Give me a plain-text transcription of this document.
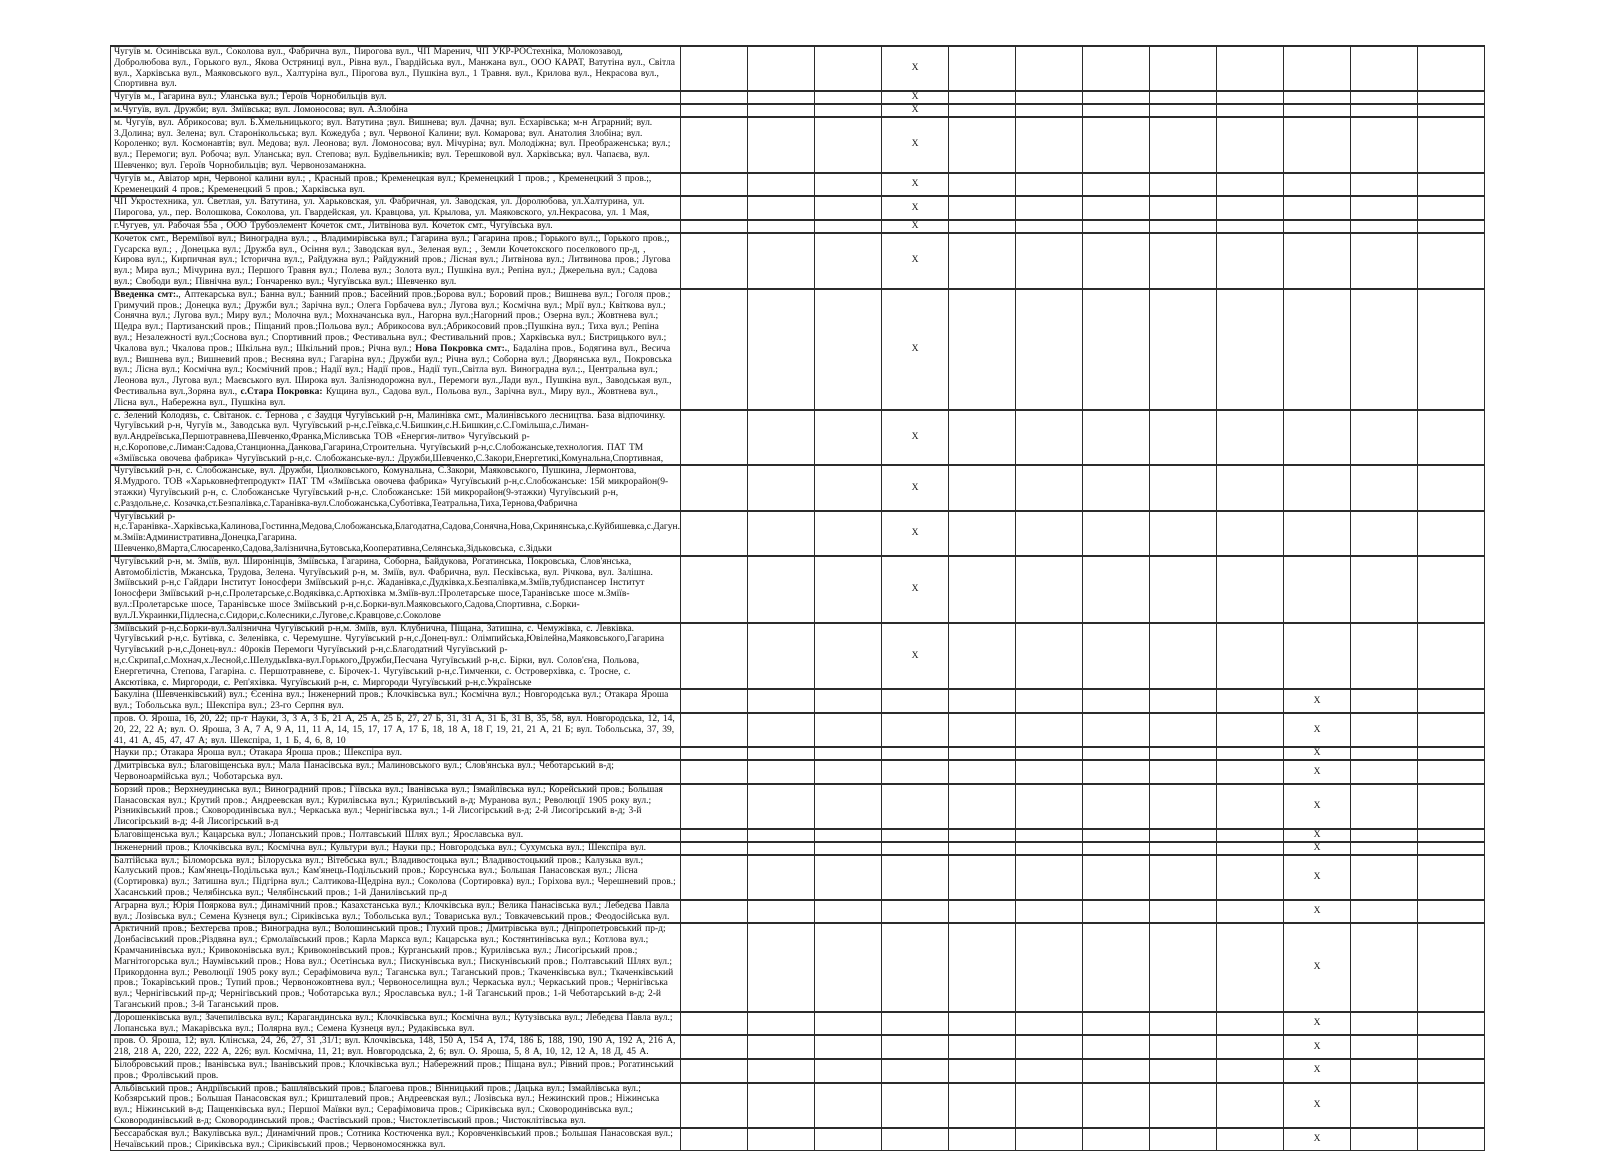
Чугуїв м. Осинівська вул., Соколова вул., Фабрична вул., Пирогова вул., ЧП Маренич, ЧП УКР-РОСтехніка, Молокозавод, Добролюбова вул., Горького вул., Якова Остряниці вул., Рівна вул., Гвардійська вул., Манжана вул., ООО КАРАТ, Ватутіна вул., Світла вул., Харківська вул., Маяковського вул., Халтуріна вул., Пірогова вул., Пушкіна вул., 1 Травня. вул., Крилова вул., Некрасова вул., Спортивна вул.				X								
Чугуїв м., Гагарина вул.; Уланська вул.; Героїв Чорнобильців вул.				X								
м.Чугуїв, вул. Дружби; вул. Зміївська; вул. Ломоносова; вул. А.Злобіна				X								
м. Чугуїв, вул. Абрикосова; вул. Б.Хмельницького; вул. Ватутина ;вул. Вишнева; вул. Дачна; вул. Есхарівська; м-н Аграрний; вул. З.Долина; вул. Зелена; вул. Старонікольська; вул. Кожедуба ; вул. Червоної Калини; вул. Комарова; вул. Анатолия Злобіна; вул. Короленко; вул. Космонавтів; вул. Медова; вул. Леонова; вул. Ломоносова; вул. Мічуріна; вул. Молодіжна; вул. Преображенська; вул.; вул.; Перемоги; вул. Робоча; вул. Уланська; вул. Степова; вул. Будівельників; вул. Терешковой вул. Харківська; вул. Чапаєва, вул. Шевченко; вул. Героїв Чорнобильців; вул. Червонозаманжна.				X								
Чугуїв м., Авіатор мрн, Червоної калини вул.; , Красный пров.; Кременецкая вул.; Кременецкий 1 пров.; , Кременецкий 3 пров.;, Кременецкий 4 пров.; Кременецкий 5 пров.; Харківська вул.				X								
ЧП Укростехника, ул. Светлая, ул. Ватутина, ул. Харьковская, ул. Фабричная, ул. Заводская, ул. Доролюбова, ул.Халтурина, ул. Пирогова, ул., пер. Волошкова, Соколова, ул. Гвардейская, ул. Кравцова, ул. Крылова, ул. Маяковского, ул.Некрасова, ул. 1 Мая,				X								
г.Чугуев, ул. Рабочая 55а , ООО Трубоэлемент Кочеток смт., Литвінова вул. Кочеток смт., Чугуївська вул.				X								
Кочеток смт., Вереміївої вул.; Виноградна вул.; ., Владимирівська вул.; Гагарина вул.; Гагарина пров.; Горького вул.;, Горького пров.;, Гусарска вул.; , Донецька вул.; Дружба вул., Осіння вул.; Заводская вул., Зеленая вул.; , Земли Кочетокского поселкового пр-д, , Кирова вул.;, Кирпичная вул.; Історична вул.;, Райдужна вул.; Райдужний пров.; Лісная вул.; Литвінова вул.; Литвинова пров.; Лугова вул.; Мира вул.; Мічурина вул.; Першого Травня вул.; Полева вул.; Золота вул.; Пушкіна вул.; Репіна вул.; Джерельна вул.; Садова вул.; Свободи вул.; Північна вул.; Гончаренко вул.; Чугуївська вул.; Шевченко вул.				X								
Введенка смт:., Аптекарська вул.; Банна вул.; Банний пров.; Басейний пров.;Борова вул.; Боровий пров.; Вишнева вул.; Гоголя пров.; Гримучий пров.; Донецка вул.; Дружби вул.; Зарічна вул.; Олега Горбачева вул.; Лугова вул.; Космічна вул.; Мрії вул.; Квіткова вул.; Сонячна вул.; Лугова вул.; Миру вул.; Молочна вул.; Мохначанська вул., Нагорна вул.;Нагорний пров.; Озерна вул.; Жовтнева вул.; Щедра вул.; Партизанский пров.; Піщаний пров.;Польова вул.; Абрикосова вул.;Абрикосовий пров.;Пушкіна вул.; Тиха вул.; Репіна вул.; Незалежності вул.;Соснова вул.; Спортивний пров.; Фестивальна вул.; Фестивальний пров.; Харківська вул.; Бистрицького вул.; Чкалова вул.; Чкалова пров.; Шкільна вул.; Шкільний пров.; Річна вул.; Нова Покровка смт:., Бадаліна пров., Бодягина вул., Весича вул.; Вишнева вул.; Вишневий пров.; Весняна вул.; Гагаріна вул.; Дружби вул.; Річна вул.; Соборна вул.; Дворянська вул., Покровська вул.; Лісна вул.; Космічна вул.; Космічний пров.; Надії вул.; Надії пров., Надії туп.,Світла вул. Виноградна вул.;., Центральна вул.; Леонова вул., Лугова вул.; Маєвського вул. Широка вул. Залізнодорожна вул., Перемоги вул.,Лади вул., Пушкіна вул., Заводськая вул., Фестивальна вул.,Зоряна вул., с.Стара Покровка: Кущина вул., Садова вул., Польова вул., Зарічна вул., Миру вул., Жовтнева вул., Лісна вул., Набережна вул., Пушкіна вул.				X								
с. Зелений Колодязь, с. Світанок. с. Тернова , с Заудця Чугуївський р-н, Малинівка смт., Малинівського лесництва. База відпочинку. Чугуївський р-н, Чугуїв м., Заводська вул. Чугуївський р-н,с.Геївка,с.Ч.Бишкин,с.Н.Бишкин,с.С.Гомільша,с.Лиман-вул.Андреївська,Першотравнева,Шевченко,Франка,Місливська ТОВ «Енергия-литво» Чугуївський р-н,с.Коропове,с.Лиман:Садова,Станционна,Данкова,Гагарина,Строительна. Чугуївський р-н,с.Слобожанське,технология. ПАТ ТМ «Зміївська овочева фабрика» Чугуївський р-н,с. Слобожанське-вул.: Дружби,Шевченко,С.Закори,Енергетикі,Комунальна,Спортивная,				X								
Чугуївський р-н, с. Слобожанське, вул. Дружби, Циолковського, Комунальна, С.Закори, Маяковського, Пушкина, Лермонтова, Я.Мудрого. ТОВ «Харьковнефтепродукт» ПАТ ТМ «Зміївська овочева фабрика» Чугуївський р-н,с.Слобожанське: 15й микрорайон(9-этажки) Чугуївський р-н, с. Слобожанське Чугуївський р-н,с. Слобожанське: 15й микрорайон(9-этажки) Чугуївський р-н, с.Раздольне,с. Козачка,ст.Безпалівка,с.Таранівка-вул.Слобожанська,Суботівка,Театральна,Тиха,Тернова,Фабрична				X								
Чугуївський р-н,с.Таранівка-.Харківська,Калинова,Гостинна,Медова,Слобожанська,Благодатна,Садова,Сонячна,Нова,Скринянська,с.Куйбишевка,с.Дагун. м.Зміїв:Административна,Донецка,Гагарина. Шевченко,8Марта,Слюсаренко,Садова,Залізнична,Бутовська,Кооперативна,Селянська,Зідьковська, с.Зідьки				X								
Чугуївський р-н, м. Зміїв, вул. Широнінців, Зміївська, Гагарина, Соборна, Байдукова, Рогатинська, Покровська, Слов'янська, Автомобілістів, Мжанська, Трудова, Зелена. Чугуївський р-н, м. Зміїв, вул. Фабрична, вул. Песківська, вул. Річкова, вул. Залішна. Зміївський р-н,с Гайдари Інститут Іоносфери Зміївський р-н,с. Жаданівка,с.Дудківка,х.Безпалівка,м.Зміїв,тубдиспансер Інститут Іоносфери Зміївський р-н,с.Пролетарське,с.Водяківка,с.Артюхівка м.Зміїв-вул.:Пролетарське шосе,Таранівське шосе м.Зміїв-вул.:Пролетарське шосе, Таранівське шосе Зміївський р-н,с.Борки-вул.Маяковського,Садова,Спортивна, с.Борки-вул.Л.Украинки,Підлесна,с.Сидори,с.Колесники,с.Лугове,с.Кравцове,с.Соколове				X								
Зміївський р-н,с.Борки-вул.Залізнична Чугуївський р-н,м. Зміїв, вул. Клубнична, Піщана, Затишна, с. Чемужівка, с. Левківка. Чугуївський р-н,с. Бутівка, с. Зеленівка, с. Черемушне. Чугуївський р-н,с.Донец-вул.: Олімпийська,Ювілейна,Маяковського,Гагарина Чугуївський р-н,с.Донец-вул.: 40років Перемоги Чугуївський р-н,с.Благодатний Чугуївський р-н,с.СкрипаІ,с.Мохнач,х.Лесной,с.ШелудькІвка-вул.Горького,Дружби,Песчана Чугуївський р-н,с. Бірки, вул. Солов'єна, Польова, Енергетична, Степова, Гагаріна. с. Першотравневе, с. Бірочек-1. Чугуївський р-н,с.Тимченки, с. Островерхівка, с. Тросне, с. Аксютівка, с. Миргороди, с. Реп'яхівка. Чугуївський р-н, с. Миргороди Чугуївський р-н,с.Українське				X								
Бакуліна (Шевченківський) вул.; Єсеніна вул.; Інженерний пров.; Клочківська вул.; Космічна вул.; Новгородська вул.; Отакара Яроша вул.; Тобольська вул.; Шекспіра вул.; 23-го Серпня вул.										X		
пров. О. Яроша, 16, 20, 22; пр-т Науки, 3, 3 А, 3 Б, 21 А, 25 А, 25 Б, 27, 27 Б, 31, 31 А, 31 Б, 31 В, 35, 58, вул. Новгородська, 12, 14, 20, 22, 22 А; вул. О. Яроша, 3 А, 7 А, 9 А, 11, 11 А, 14, 15, 17, 17 А, 17 Б, 18, 18 А, 18 Г, 19, 21, 21 А, 21 Б; вул. Тобольська, 37, 39, 41, 41 А, 45, 47, 47 А; вул. Шекспіра, 1, 1 Б, 4, 6, 8, 10										X		
Науки пр.; Отакара Яроша вул.; Отакара Яроша пров.; Шекспіра вул.										X		
Дмитрівська вул.; Благовіщенська вул.; Мала Панасівська вул.; Малиновського вул.; Слов'янська вул.; Чеботарський в-д; Червоноармійська вул.; Чоботарська вул.										X		
Борзий пров.; Верхнеудинська вул.; Виноградний пров.; Гіївська вул.; Іванівська вул.; Ізмайлівська вул.; Корейський пров.; Большая Панасовская вул.; Крутий пров.; Андреевская вул.; Курилівська вул.; Курилівський в-д; Муранова вул.; Революції 1905 року вул.; Різниківський пров.; Сковородинівська вул.; Черкаська вул.; Чернігівська вул.; 1-й Лисогірський в-д; 2-й Лисогірський в-д; 3-й Лисогірський в-д; 4-й Лисогірський в-д										X		
Благовіщенська вул.; Кацарська вул.; Лопанський пров.; Полтавський Шлях вул.; Ярославська вул.										X		
Інженерний пров.; Клочківська вул.; Космічна вул.; Культури вул.; Науки пр.; Новгородська вул.; Сухумська вул.; Шекспіра вул.										X		
Балтійська вул.; Біломорська вул.; Білоруська вул.; Вітебська вул.; Владивостоцька вул.; Владивостоцький пров.; Калузька вул.; Калуський пров.; Кам'янець-Подільська вул.; Кам'янець-Подільський пров.; Корсунська вул.; Большая Панасовская вул.; Лісна (Сортировка) вул.; Затишна вул.; Підгірна вул.; Салтикова-Щедріна вул.; Соколова (Сортировка) вул.; Горіхова вул.; Черешневий пров.; Хасанський пров.; Челябінська вул.; Челябінський пров.; 1-й Данилівський пр-д										X		
Аграрна вул.; Юрія Пояркова вул.; Динамічний пров.; Казахстанська вул.; Клочківська вул.; Велика Панасівська вул.; Лебедєва Павла вул.; Лозівська вул.; Семена Кузнеця вул.; Сіриківська вул.; Тобольська вул.; Товариська вул.; Товкачевський пров.; Феодосійська вул.										X		
Арктичний пров.; Бехтерєва пров.; Виноградна вул.; Волошинський пров.; Глухий пров.; Дмитрівська вул.; Дніпропетровський пр-д; Донбасівський пров.;Різдвяна вул.; Єрмолаївський пров.; Карла Маркса вул.; Кацарська вул.; Костянтинівська вул.; Котлова вул.; Крамчанинівська вул.; Кривоконівська вул.; Кривоконівський пров.; Курганський пров.; Курилівська вул.; Лисогірський пров.; Магнітогорська вул.; Наумівський пров.; Нова вул.; Осетінська вул.; Пискунівська вул.; Пискунівський пров.; Полтавський Шлях вул.; Прикордонна вул.; Революції 1905 року вул.; Серафімовича вул.; Таганська вул.; Таганський пров.; Ткаченківська вул.; Ткаченківський пров.; Токарівський пров.; Тупий пров.; Червоножовтнева вул.; Червоноселищна вул.; Черкаська вул.; Черкаський пров.; Чернігівська вул.; Чернігівський пр-д; Чернігівський пров.; Чоботарська вул.; Ярославська вул.; 1-й Таганський пров.; 1-й Чеботарський в-д; 2-й Таганський пров.; 3-й Таганський пров.										X		
Дорошенківська вул.; Зачепилівська вул.; Карагандинська вул.; Клочківська вул.; Космічна вул.; Кутузівська вул.; Лебедєва Павла вул.; Лопанська вул.; Макарівська вул.; Полярна вул.; Семена Кузнеця вул.; Рудаківська вул.										X		
пров. О. Яроша, 12; вул. Клінська, 24, 26, 27, 31 ,31/1; вул. Клочківська, 148, 150 А, 154 А, 174, 186 Б, 188, 190, 190 А, 192 А, 216 А, 218, 218 А, 220, 222, 222 А, 226; вул. Космічна, 11, 21; вул. Новгородська, 2, 6; вул. О. Яроша, 5, 8 А, 10, 12, 12 А, 18 Д, 45 А.										X		
Білобровський пров.; Іванівська вул.; Іванівський пров.; Клочківська вул.; Набережний пров.; Піщана вул.; Рівний пров.; Рогатинський пров.; Фролівський пров.										X		
Альбівський пров.; Андріївський пров.; Башляївський пров.; Благоева пров.; Вінницький пров.; Дацька вул.; Ізмайлівська вул.; Кобзярський пров.; Большая Панасовская вул.; Кришталевий пров.; Андреевская вул.; Лозівська вул.; Нежинский пров.; Ніжинська вул.; Ніжинський в-д; Пащенківська вул.; Першої Маївки вул.; Серафімовича пров.; Сіриківська вул.; Сковородинівська вул.; Сковородинівський в-д; Сковородинський пров.; Фастівський пров.; Чистоклетівський пров.; Чистоклітівська вул.										X		
Бессарабская вул.; Вакулівська вул.; Динамічний пров.; Сотника Костюченка вул.; Коровченківський пров.; Большая Панасовская вул.; Нечаївський пров.; Сіриківська вул.; Сіриківський пров.; Червономосянжка вул.										X		
